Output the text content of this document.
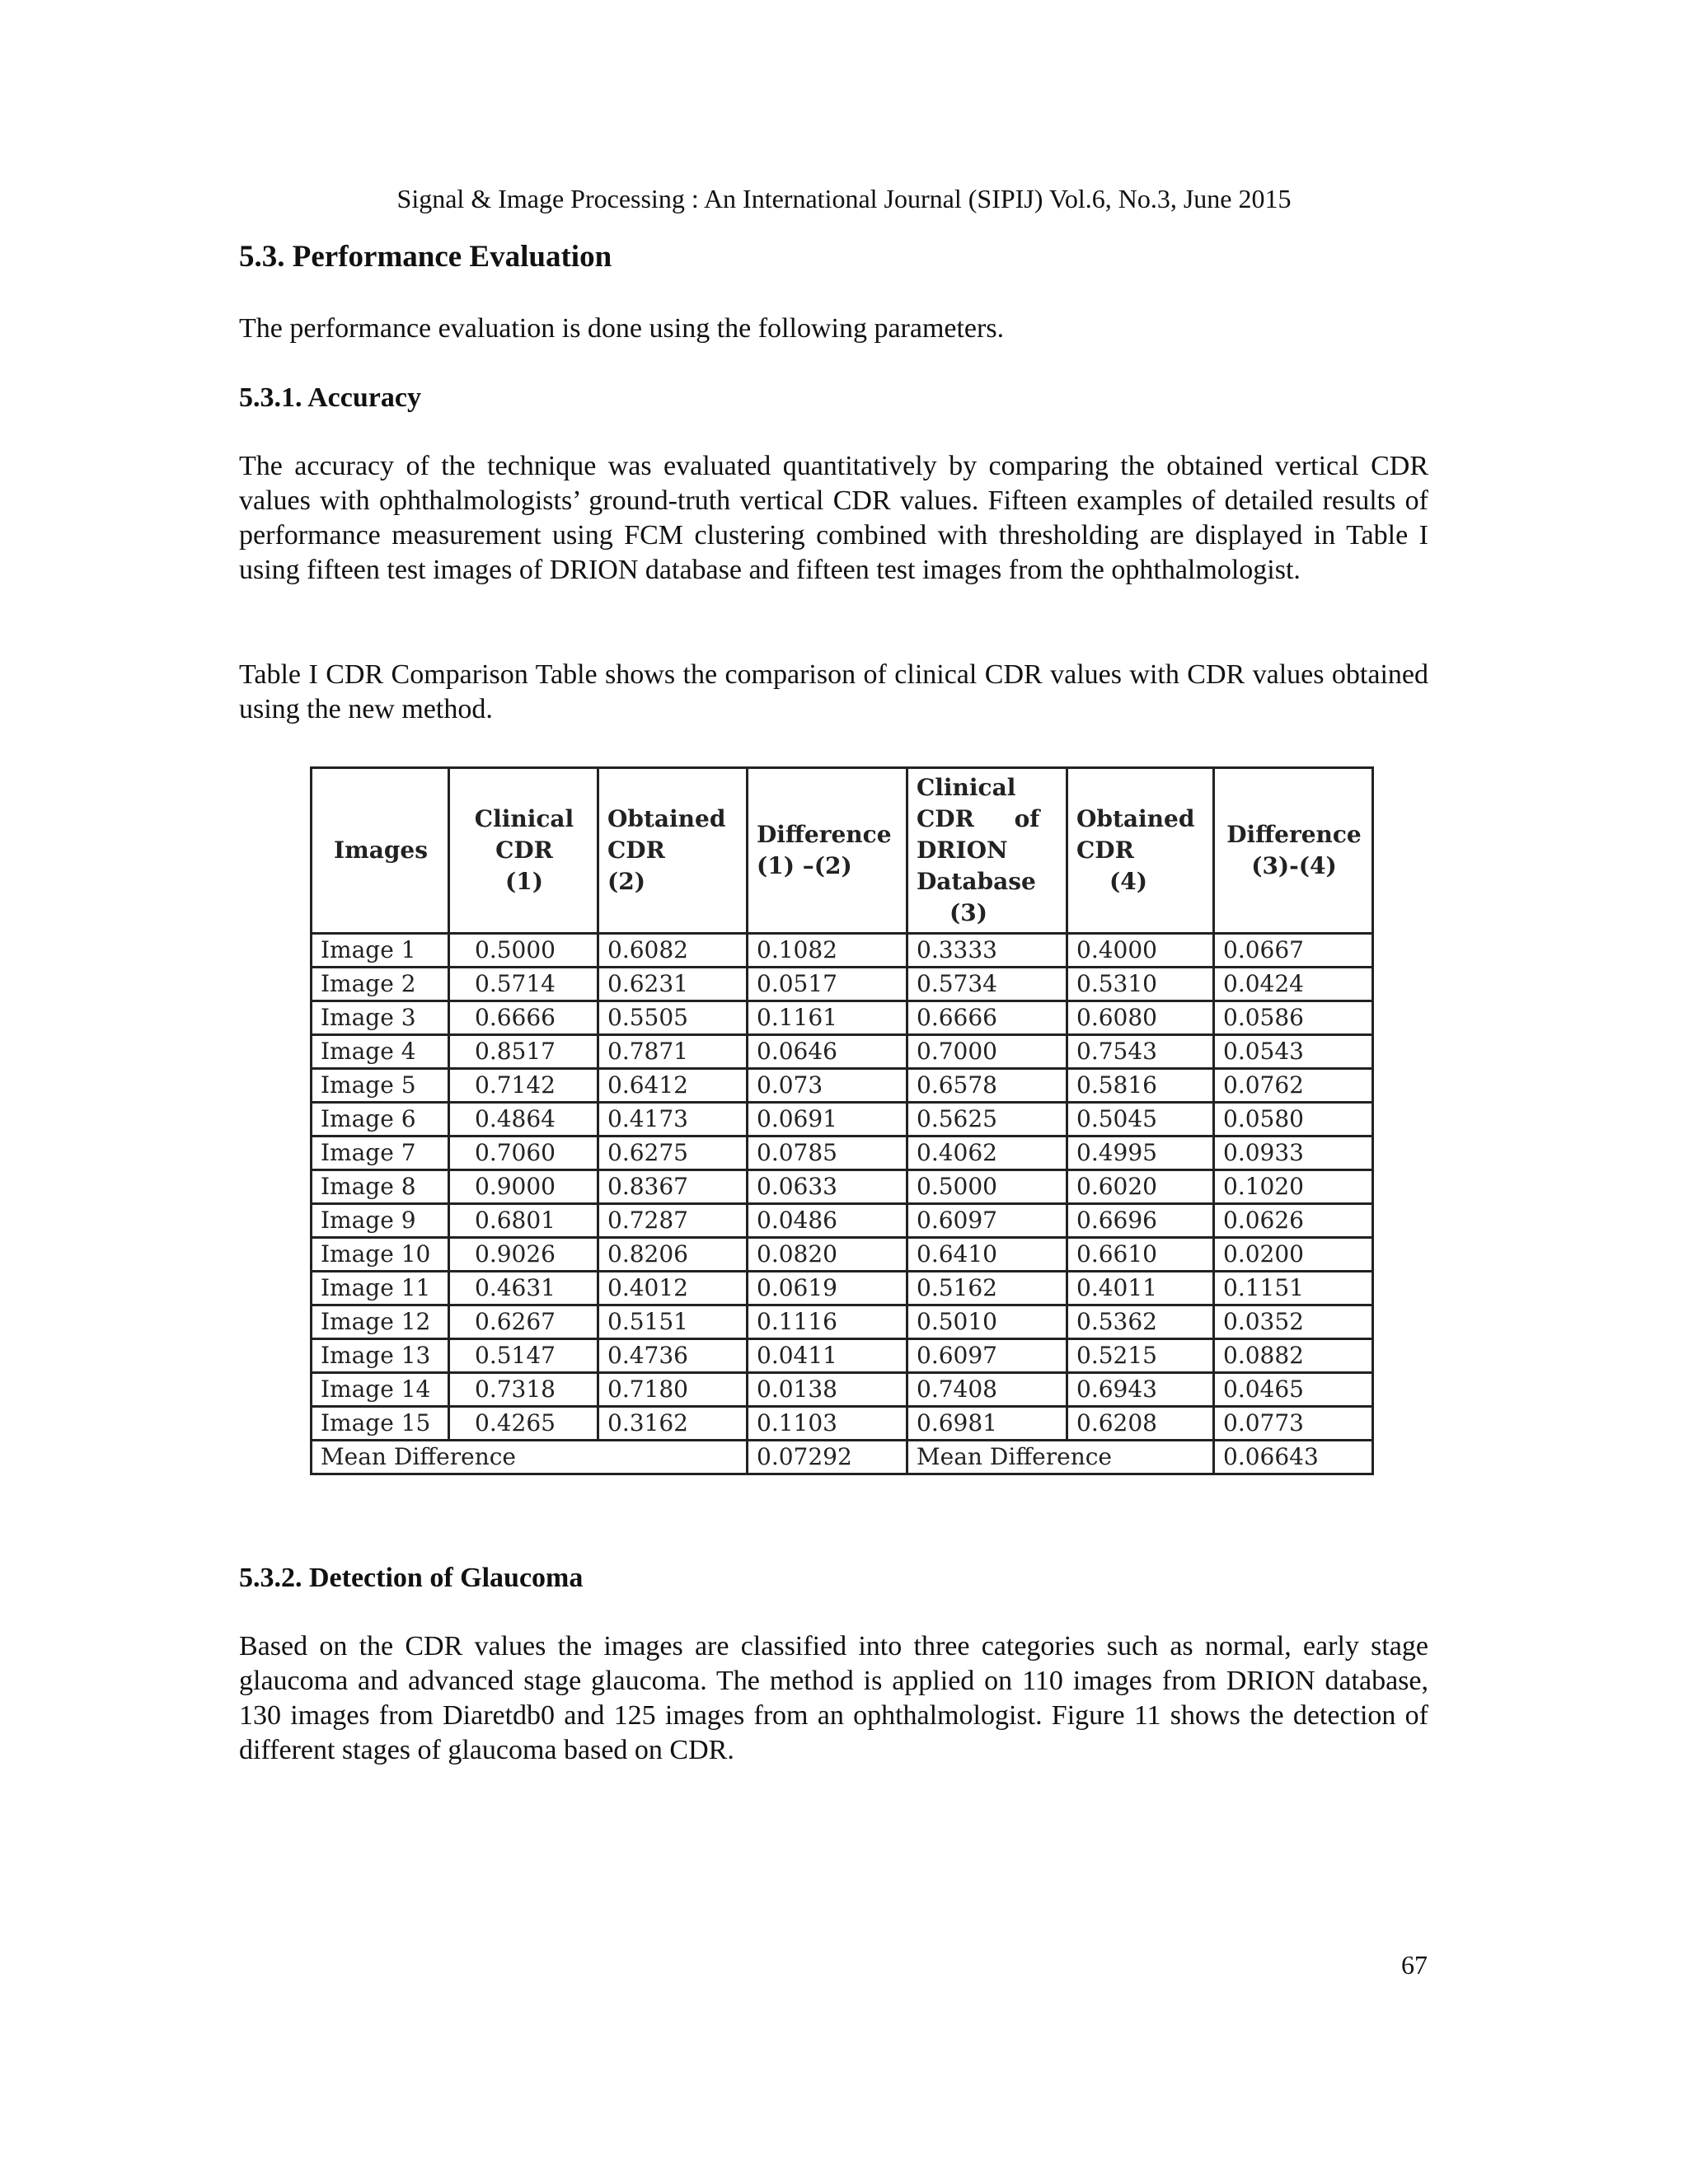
Signal & Image Processing : An International Journal (SIPIJ) Vol.6, No.3, June 2015
5.3. Performance Evaluation

The performance evaluation is done using the following parameters.

5.3.1. Accuracy

The accuracy of the technique was evaluated quantitatively by comparing the obtained vertical CDR values with ophthalmologists’ ground-truth vertical CDR values. Fifteen examples of detailed results of performance measurement using FCM clustering combined with thresholding are displayed in Table I using fifteen test images of DRION database and fifteen test images from the ophthalmologist.

Table I CDR Comparison Table shows the comparison of clinical CDR values with CDR values obtained using the new method.

Images	Clinical
CDR
(1)	Obtained
CDR
(2)	Difference
(1) –(2)	Clinical
CDR     of
DRION
Database
(3)	Obtained
CDR
(4)	Difference
(3)-(4)

Image 1	0.5000	0.6082	0.1082	0.3333	0.4000	0.0667
Image 2	0.5714	0.6231	0.0517	0.5734	0.5310	0.0424
Image 3	0.6666	0.5505	0.1161	0.6666	0.6080	0.0586
Image 4	0.8517	0.7871	0.0646	0.7000	0.7543	0.0543
Image 5	0.7142	0.6412	0.073	0.6578	0.5816	0.0762
Image 6	0.4864	0.4173	0.0691	0.5625	0.5045	0.0580
Image 7	0.7060	0.6275	0.0785	0.4062	0.4995	0.0933
Image 8	0.9000	0.8367	0.0633	0.5000	0.6020	0.1020
Image 9	0.6801	0.7287	0.0486	0.6097	0.6696	0.0626
Image 10	0.9026	0.8206	0.0820	0.6410	0.6610	0.0200
Image 11	0.4631	0.4012	0.0619	0.5162	0.4011	0.1151
Image 12	0.6267	0.5151	0.1116	0.5010	0.5362	0.0352
Image 13	0.5147	0.4736	0.0411	0.6097	0.5215	0.0882
Image 14	0.7318	0.7180	0.0138	0.7408	0.6943	0.0465
Image 15	0.4265	0.3162	0.1103	0.6981	0.6208	0.0773
Mean Difference			0.07292	Mean Difference		0.06643
5.3.2. Detection of Glaucoma

Based on the CDR values the images are classified into three categories such as normal, early stage glaucoma and advanced stage glaucoma. The method is applied on 110 images from DRION database, 130 images from Diaretdb0 and 125 images from an ophthalmologist. Figure 11 shows the detection of different stages of glaucoma based on CDR.

67
